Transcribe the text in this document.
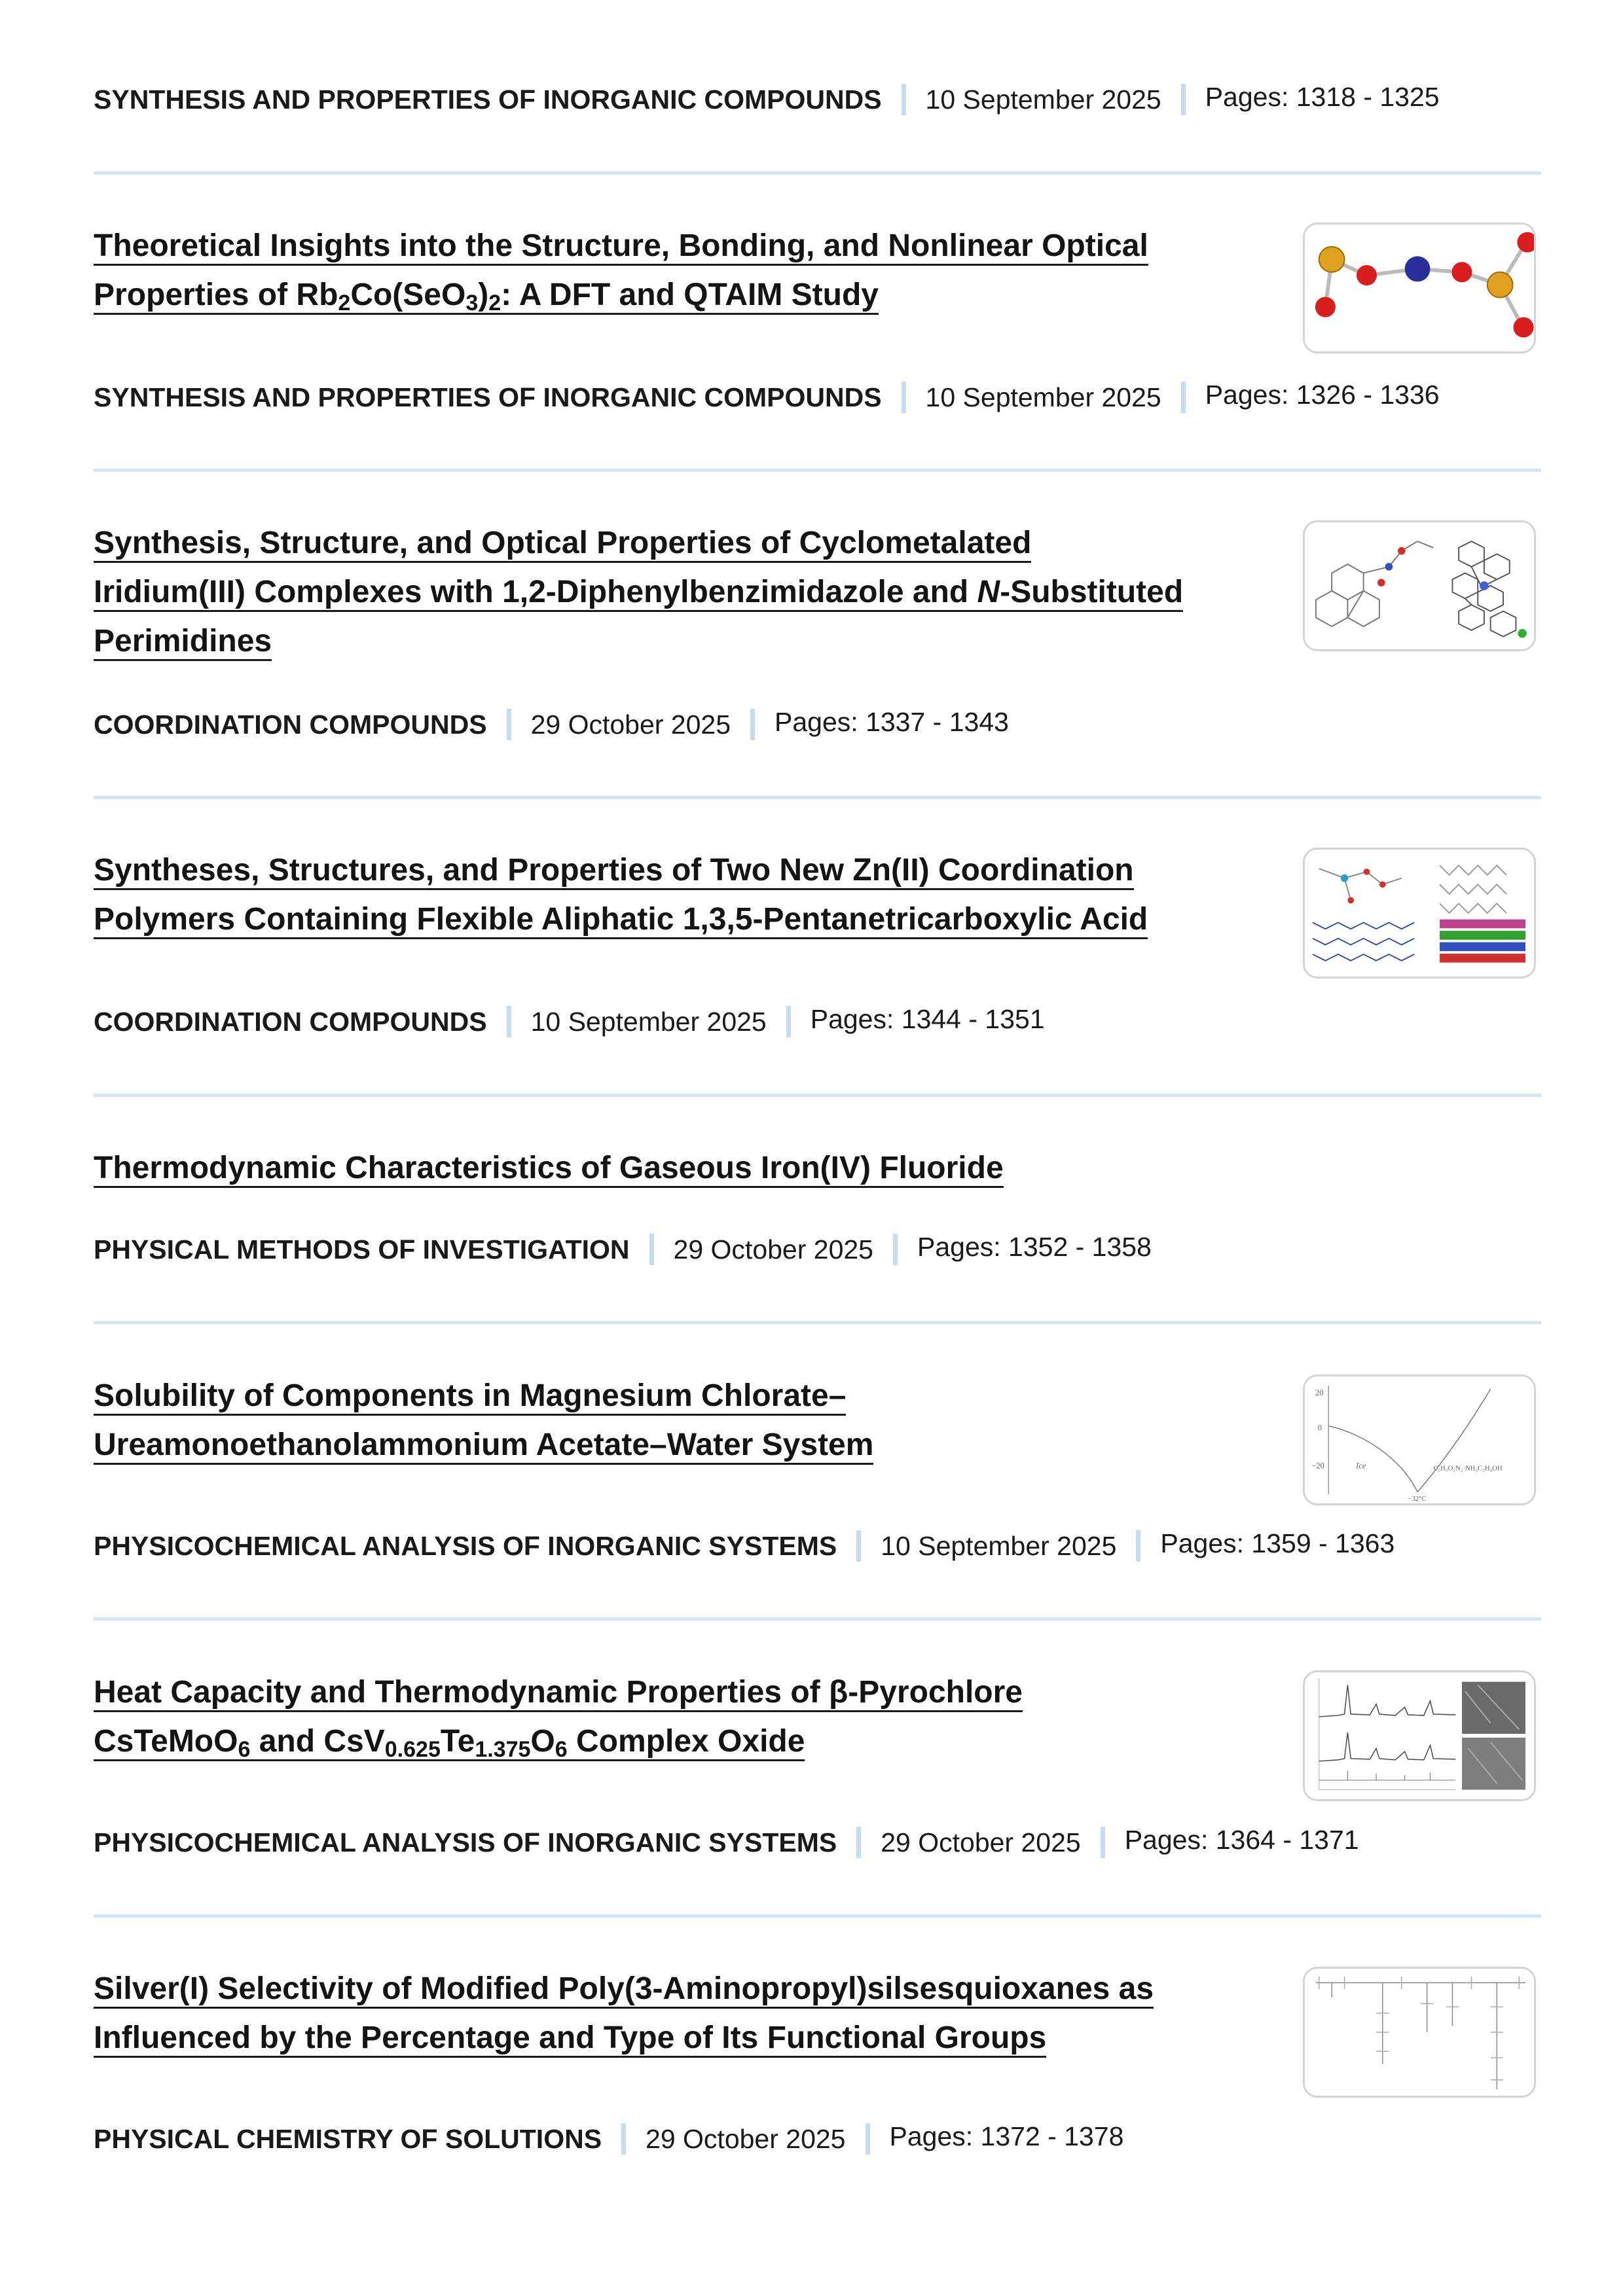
SYNTHESIS AND PROPERTIES OF INORGANIC COMPOUNDS 10 September 2025 Pages: 1318 - 1325
Theoretical Insights into the Structure, Bonding, and Nonlinear Optical
Properties of $Rb_2Co(SeO_3)_2$: A DFT and QTAIM Study
SYNTHESIS AND PROPERTIES OF INORGANIC COMPOUNDS 10 September 2025 Pages: 1326 - 1336
Synthesis, Structure, and Optical Properties of Cyclometalated
Iridium(III) Complexes with 1,2-Diphenylbenzimidazole and N-Substituted
Perimidines
COORDINATION COMPOUNDS 29 October 2025 Pages: 1337 - 1343
Syntheses, Structures, and Properties of Two New Zn(II) Coordination
Polymers Containing Flexible Aliphatic 1,3,5-Pentanetricarboxylic Acid
COORDINATION COMPOUNDS 10 September 2025 Pages: 1344 - 1351
Thermodynamic Characteristics of Gaseous Iron(IV) Fluoride
PHYSICAL METHODS OF INVESTIGATION 29 October 2025 Pages: 1352 - 1358
Solubility of Components in Magnesium Chlorate–
Ureamonoethanolammonium Acetate–Water System
20
0
−20	Ice	C₂H₅O₂N₂·NH₂C₂H₄OH
−32°C
PHYSICOCHEMICAL ANALYSIS OF INORGANIC SYSTEMS 10 September 2025 Pages: 1359 - 1363
Heat Capacity and Thermodynamic Properties of β-Pyrochlore
CsTeMoO$_6$ and $CsV_{0.625}Te_{1.375}O_6$ Complex Oxide
PHYSICOCHEMICAL ANALYSIS OF INORGANIC SYSTEMS 29 October 2025 Pages: 1364 - 1371
Silver(I) Selectivity of Modified Poly(3-Aminopropyl)silsesquioxanes as
Influenced by the Percentage and Type of Its Functional Groups
PHYSICAL CHEMISTRY OF SOLUTIONS 29 October 2025 Pages: 1372 - 1378
